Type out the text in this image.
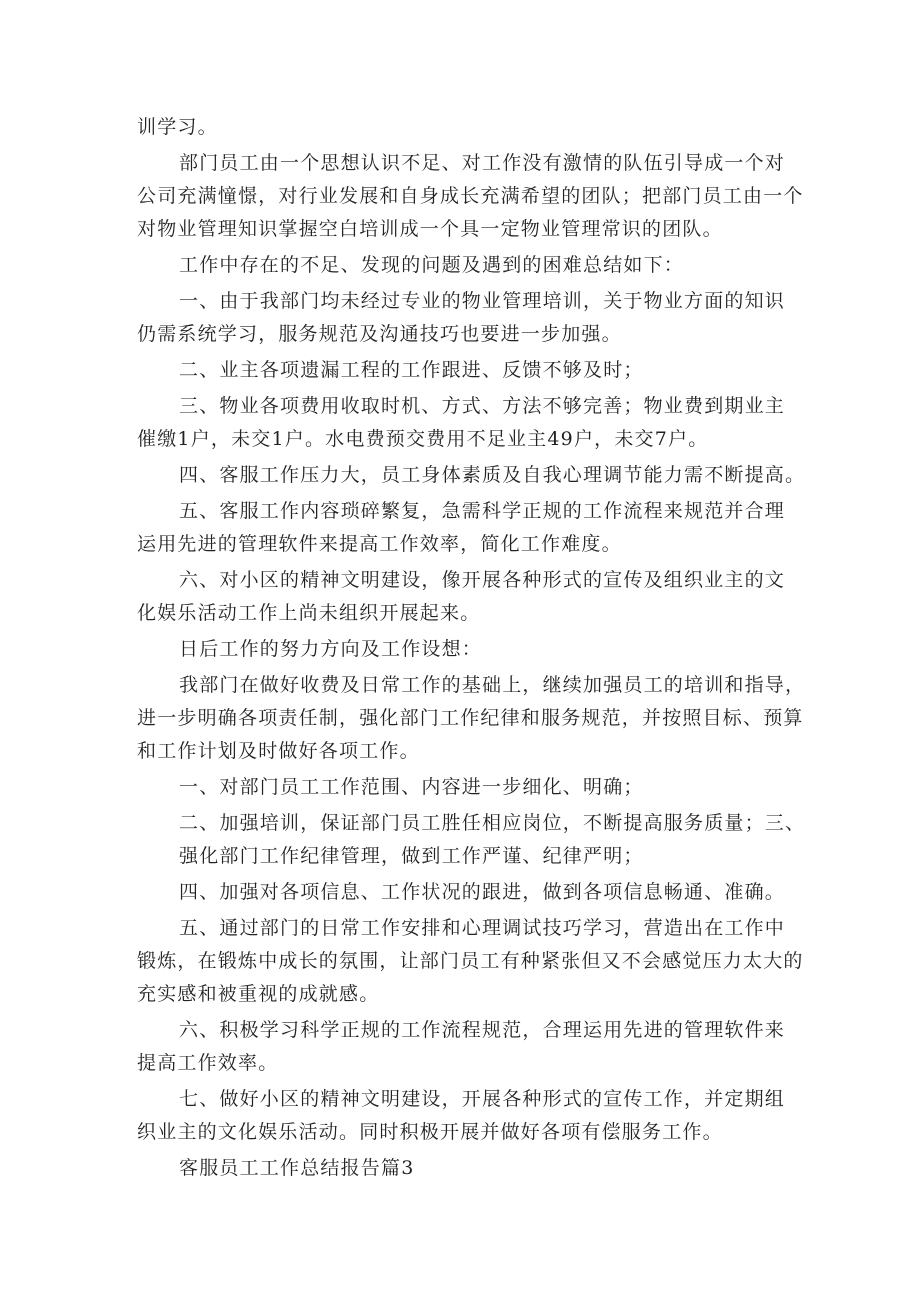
训学习。
部门员工由一个思想认识不足、对工作没有激情的队伍引导成一个对
公司充满憧憬，对行业发展和自身成长充满希望的团队；把部门员工由一个
对物业管理知识掌握空白培训成一个具一定物业管理常识的团队。
工作中存在的不足、发现的问题及遇到的困难总结如下：
一、由于我部门均未经过专业的物业管理培训，关于物业方面的知识
仍需系统学习，服务规范及沟通技巧也要进一步加强。
二、业主各项遗漏工程的工作跟进、反馈不够及时；
三、物业各项费用收取时机、方式、方法不够完善；物业费到期业主
催缴1户，未交1户。水电费预交费用不足业主49户，未交7户。
四、客服工作压力大，员工身体素质及自我心理调节能力需不断提高。
五、客服工作内容琐碎繁复，急需科学正规的工作流程来规范并合理
运用先进的管理软件来提高工作效率，简化工作难度。
六、对小区的精神文明建设，像开展各种形式的宣传及组织业主的文
化娱乐活动工作上尚未组织开展起来。
日后工作的努力方向及工作设想：
我部门在做好收费及日常工作的基础上，继续加强员工的培训和指导，
进一步明确各项责任制，强化部门工作纪律和服务规范，并按照目标、预算
和工作计划及时做好各项工作。
一、对部门员工工作范围、内容进一步细化、明确；
二、加强培训，保证部门员工胜任相应岗位，不断提高服务质量；三、
强化部门工作纪律管理，做到工作严谨、纪律严明；
四、加强对各项信息、工作状况的跟进，做到各项信息畅通、准确。
五、通过部门的日常工作安排和心理调试技巧学习，营造出在工作中
锻炼，在锻炼中成长的氛围，让部门员工有种紧张但又不会感觉压力太大的
充实感和被重视的成就感。
六、积极学习科学正规的工作流程规范，合理运用先进的管理软件来
提高工作效率。
七、做好小区的精神文明建设，开展各种形式的宣传工作，并定期组
织业主的文化娱乐活动。同时积极开展并做好各项有偿服务工作。
客服员工工作总结报告篇3
